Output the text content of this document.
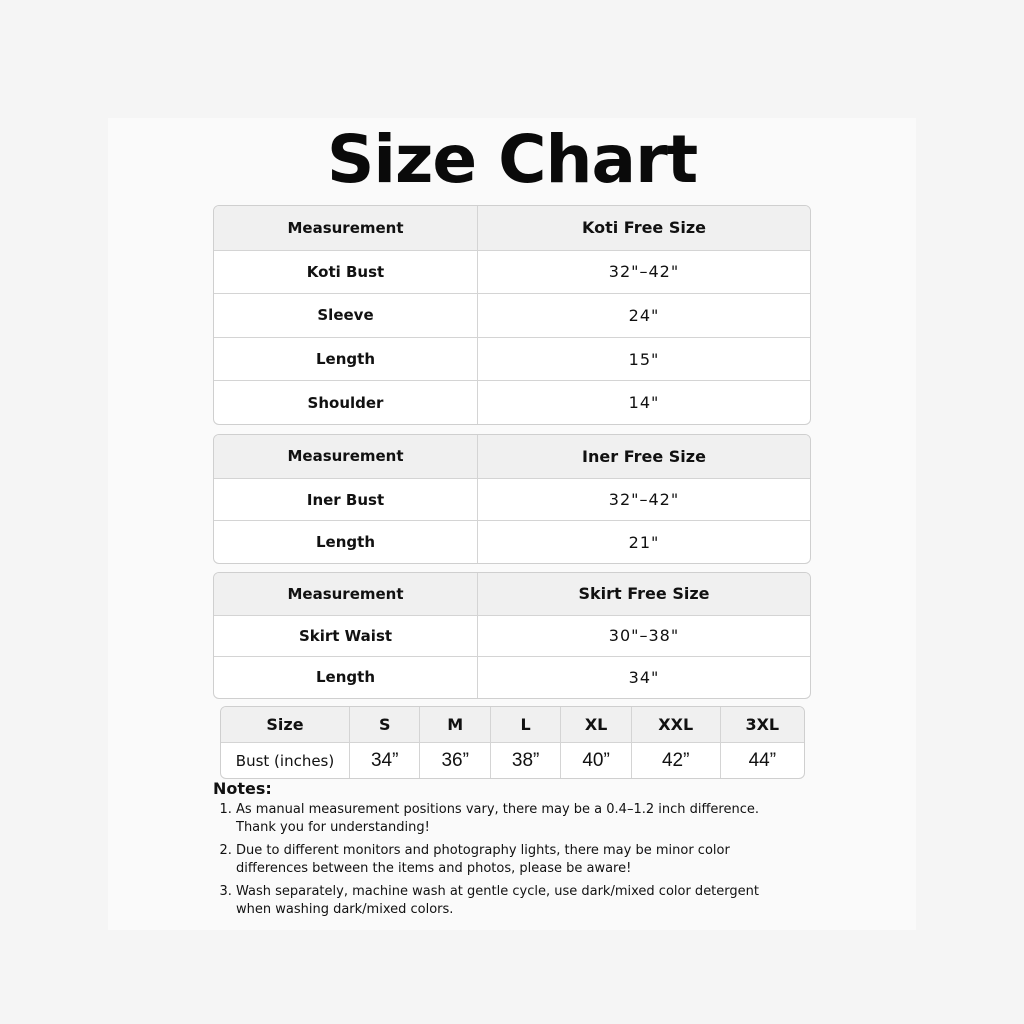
Size Chart
Measurement	Koti Free Size
Koti Bust	32"–42"
Sleeve	24"
Length	15"
Shoulder	14"
Measurement	Iner Free Size
Iner Bust	32"–42"
Length	21"
Measurement	Skirt Free Size
Skirt Waist	30"–38"
Length	34"
Size	S	M	L	XL	XXL	3XL
Bust (inches)	34”	36”	38”	40”	42”	44”
Notes:
1. As manual measurement positions vary, there may be a 0.4–1.2 inch difference. Thank you for understanding!
2. Due to different monitors and photography lights, there may be minor color differences between the items and photos, please be aware!
3. Wash separately, machine wash at gentle cycle, use dark/mixed color detergent when washing dark/mixed colors.
